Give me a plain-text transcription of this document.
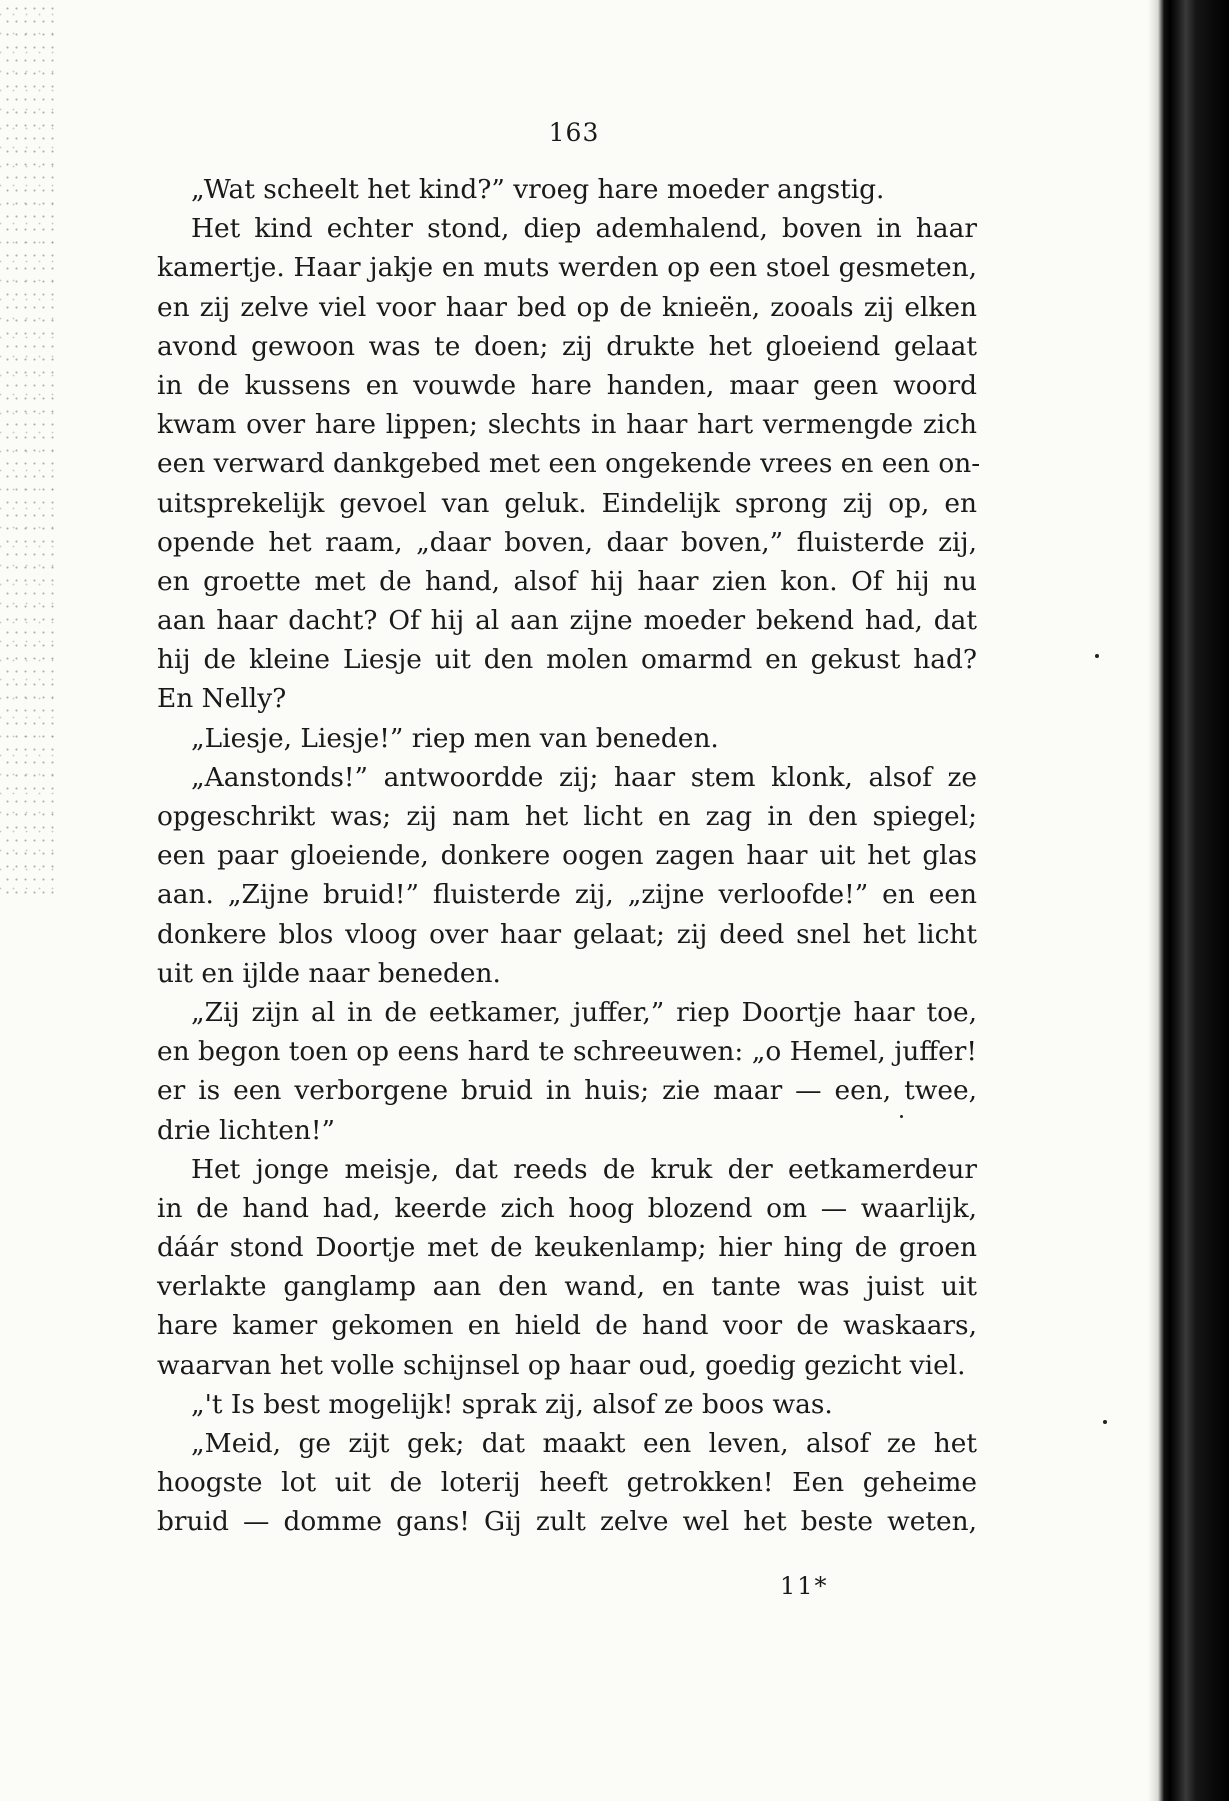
163
„Wat scheelt het kind?” vroeg hare moeder angstig.
Het kind echter stond, diep ademhalend, boven in haar
kamertje. Haar jakje en muts werden op een stoel gesmeten,
en zij zelve viel voor haar bed op de knieën, zooals zij elken
avond gewoon was te doen; zij drukte het gloeiend gelaat
in de kussens en vouwde hare handen, maar geen woord
kwam over hare lippen; slechts in haar hart vermengde zich
een verward dankgebed met een ongekende vrees en een on-
uitsprekelijk gevoel van geluk. Eindelijk sprong zij op, en
opende het raam, „daar boven, daar boven,” fluisterde zij,
en groette met de hand, alsof hij haar zien kon. Of hij nu
aan haar dacht? Of hij al aan zijne moeder bekend had, dat
hij de kleine Liesje uit den molen omarmd en gekust had?
En Nelly?
„Liesje, Liesje!” riep men van beneden.
„Aanstonds!” antwoordde zij; haar stem klonk, alsof ze
opgeschrikt was; zij nam het licht en zag in den spiegel;
een paar gloeiende, donkere oogen zagen haar uit het glas
aan. „Zijne bruid!” fluisterde zij, „zijne verloofde!” en een
donkere blos vloog over haar gelaat; zij deed snel het licht
uit en ijlde naar beneden.
„Zij zijn al in de eetkamer, juffer,” riep Doortje haar toe,
en begon toen op eens hard te schreeuwen: „o Hemel, juffer!
er is een verborgene bruid in huis; zie maar — een, twee,
drie lichten!”
Het jonge meisje, dat reeds de kruk der eetkamerdeur
in de hand had, keerde zich hoog blozend om — waarlijk,
dáár stond Doortje met de keukenlamp; hier hing de groen
verlakte ganglamp aan den wand, en tante was juist uit
hare kamer gekomen en hield de hand voor de waskaars,
waarvan het volle schijnsel op haar oud, goedig gezicht viel.
„'t Is best mogelijk! sprak zij, alsof ze boos was.
„Meid, ge zijt gek; dat maakt een leven, alsof ze het
hoogste lot uit de loterij heeft getrokken! Een geheime
bruid — domme gans! Gij zult zelve wel het beste weten,
11*
